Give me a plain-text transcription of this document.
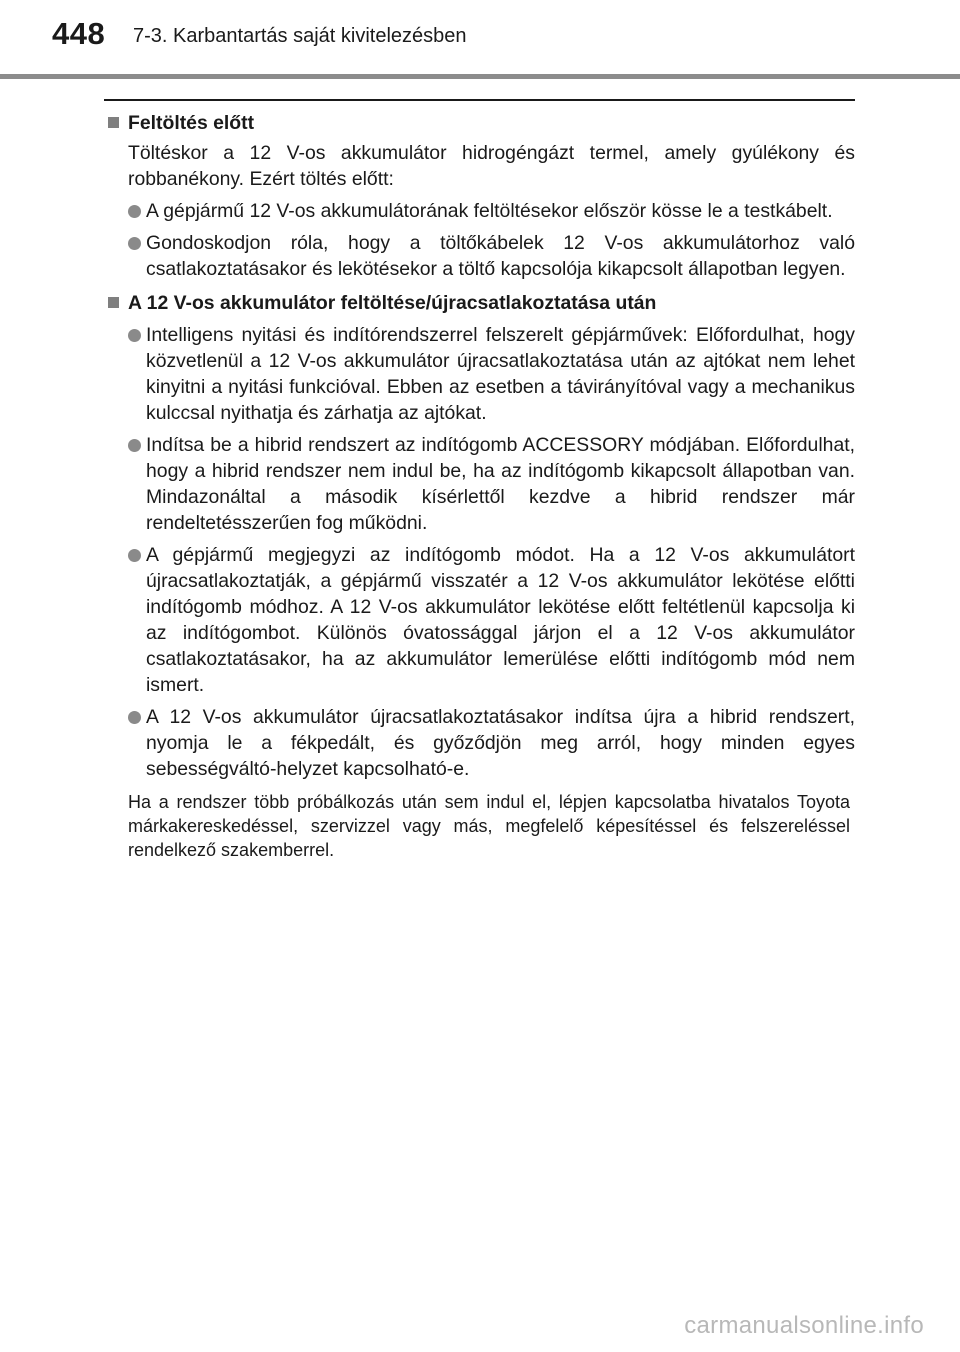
448 7-3. Karbantartás saját kivitelezésben
Feltöltés előtt
Töltéskor a 12 V-os akkumulátor hidrogéngázt termel, amely gyúlékony és robbanékony. Ezért töltés előtt:
A gépjármű 12 V-os akkumulátorának feltöltésekor először kösse le a testkábelt.
Gondoskodjon róla, hogy a töltőkábelek 12 V-os akkumulátorhoz való csatlakoztatásakor és lekötésekor a töltő kapcsolója kikapcsolt állapotban legyen.
A 12 V-os akkumulátor feltöltése/újracsatlakoztatása után
Intelligens nyitási és indítórendszerrel felszerelt gépjárművek: Előfordulhat, hogy közvetlenül a 12 V-os akkumulátor újracsatlakoztatása után az ajtókat nem lehet kinyitni a nyitási funkcióval. Ebben az esetben a távirányítóval vagy a mechanikus kulccsal nyithatja és zárhatja az ajtókat.
Indítsa be a hibrid rendszert az indítógomb ACCESSORY módjában. Előfordulhat, hogy a hibrid rendszer nem indul be, ha az indítógomb kikapcsolt állapotban van. Mindazonáltal a második kísérlettől kezdve a hibrid rendszer már rendeltetésszerűen fog működni.
A gépjármű megjegyzi az indítógomb módot. Ha a 12 V-os akkumulátort újracsatlakoztatják, a gépjármű visszatér a 12 V-os akkumulátor lekötése előtti indítógomb módhoz. A 12 V-os akkumulátor lekötése előtt feltétlenül kapcsolja ki az indítógombot. Különös óvatossággal járjon el a 12 V-os akkumulátor csatlakoztatásakor, ha az akkumulátor lemerülése előtti indítógomb mód nem ismert.
A 12 V-os akkumulátor újracsatlakoztatásakor indítsa újra a hibrid rendszert, nyomja le a fékpedált, és győződjön meg arról, hogy minden egyes sebességváltó-helyzet kapcsolható-e.
Ha a rendszer több próbálkozás után sem indul el, lépjen kapcsolatba hivatalos Toyota márkakereskedéssel, szervizzel vagy más, megfelelő képesítéssel és felszereléssel rendelkező szakemberrel.
carmanualsonline.info
